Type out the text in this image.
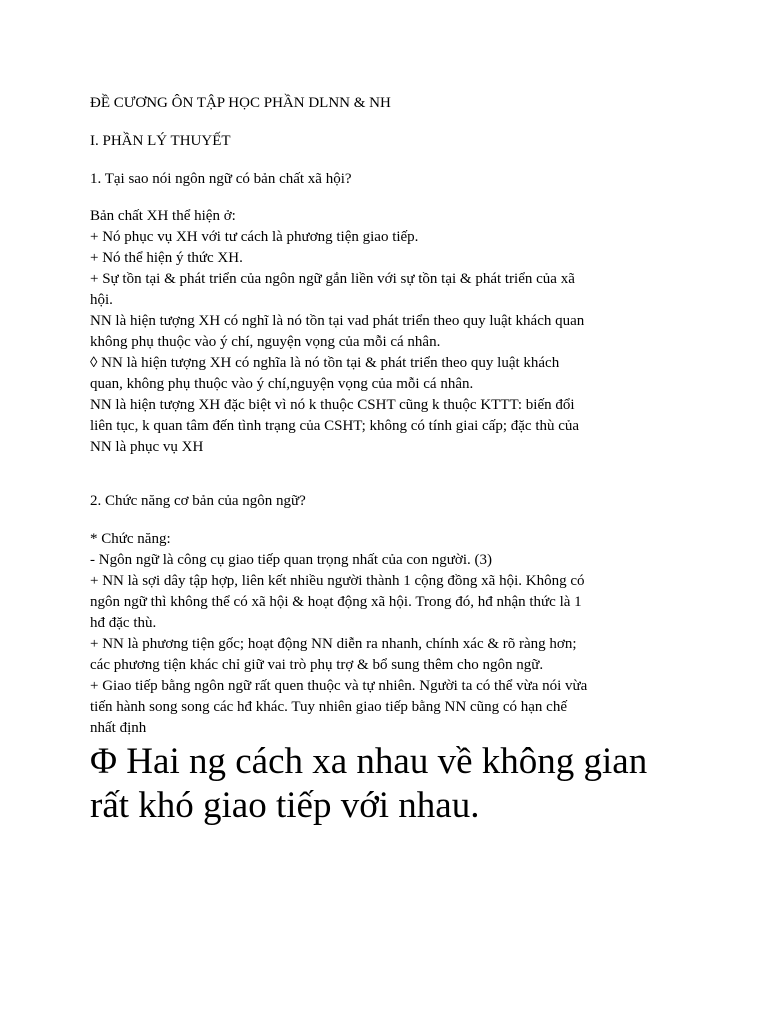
ĐỀ CƯƠNG ÔN TẬP HỌC PHẦN DLNN & NH

I. PHẦN LÝ THUYẾT

1. Tại sao nói ngôn ngữ có bản chất xã hội?

Bản chất XH thể hiện ở:

+ Nó phục vụ XH với tư cách là phương tiện giao tiếp.

+ Nó thể hiện ý thức XH.

+ Sự tồn tại & phát triển của ngôn ngữ gắn liền với sự tồn tại & phát triển của xã

hội.

NN là hiện tượng XH có nghĩ là nó tồn tại vad phát triển theo quy luật khách quan

không phụ thuộc vào ý chí, nguyện vọng của mỗi cá nhân.

◊ NN là hiện tượng XH có nghĩa là nó tồn tại & phát triển theo quy luật khách

quan, không phụ thuộc vào ý chí,nguyện vọng của mỗi cá nhân.

NN là hiện tượng XH đặc biệt vì nó k thuộc CSHT cũng k thuộc KTTT: biến đổi

liên tục, k quan tâm đến tình trạng của CSHT; không có tính giai cấp; đặc thù của

NN là phục vụ XH

2. Chức năng cơ bản của ngôn ngữ?

* Chức năng:

- Ngôn ngữ là công cụ giao tiếp quan trọng nhất của con người. (3)

+ NN là sợi dây tập hợp, liên kết nhiều người thành 1 cộng đồng xã hội. Không có

ngôn ngữ thì không thể có xã hội & hoạt động xã hội. Trong đó, hđ nhận thức là 1

hđ đặc thù.

+ NN là phương tiện gốc; hoạt động NN diễn ra nhanh, chính xác & rõ ràng hơn;

các phương tiện khác chỉ giữ vai trò phụ trợ & bổ sung thêm cho ngôn ngữ.

+ Giao tiếp bằng ngôn ngữ rất quen thuộc và tự nhiên. Người ta có thể vừa nói vừa

tiến hành song song các hđ khác. Tuy nhiên giao tiếp bằng NN cũng có hạn chế

nhất định

Φ Hai ng cách xa nhau về không gian

rất khó giao tiếp với nhau.
